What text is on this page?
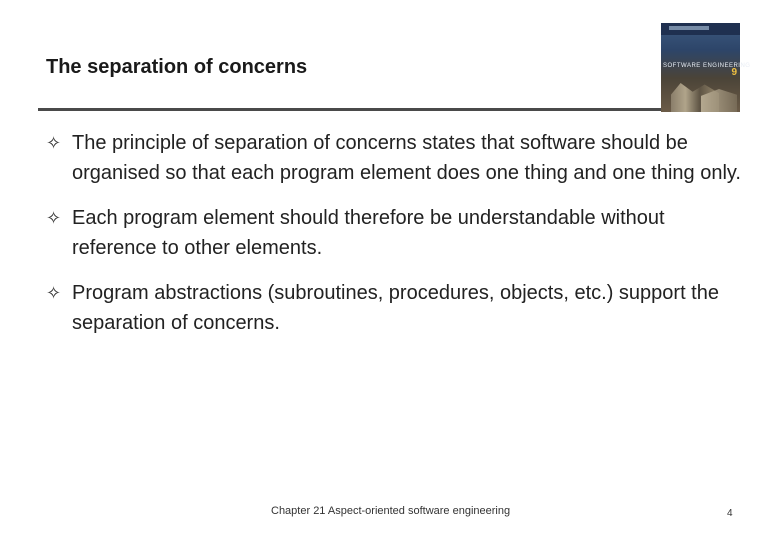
The separation of concerns	SOFTWARE ENGINEERING
9
✧ The principle of separation of concerns states that software should be organised so that each program element does one thing and one thing only.
✧ Each program element should therefore be understandable without reference to other elements.
✧ Program abstractions (subroutines, procedures, objects, etc.) support the separation of concerns.
Chapter 21 Aspect-oriented software engineering	4
